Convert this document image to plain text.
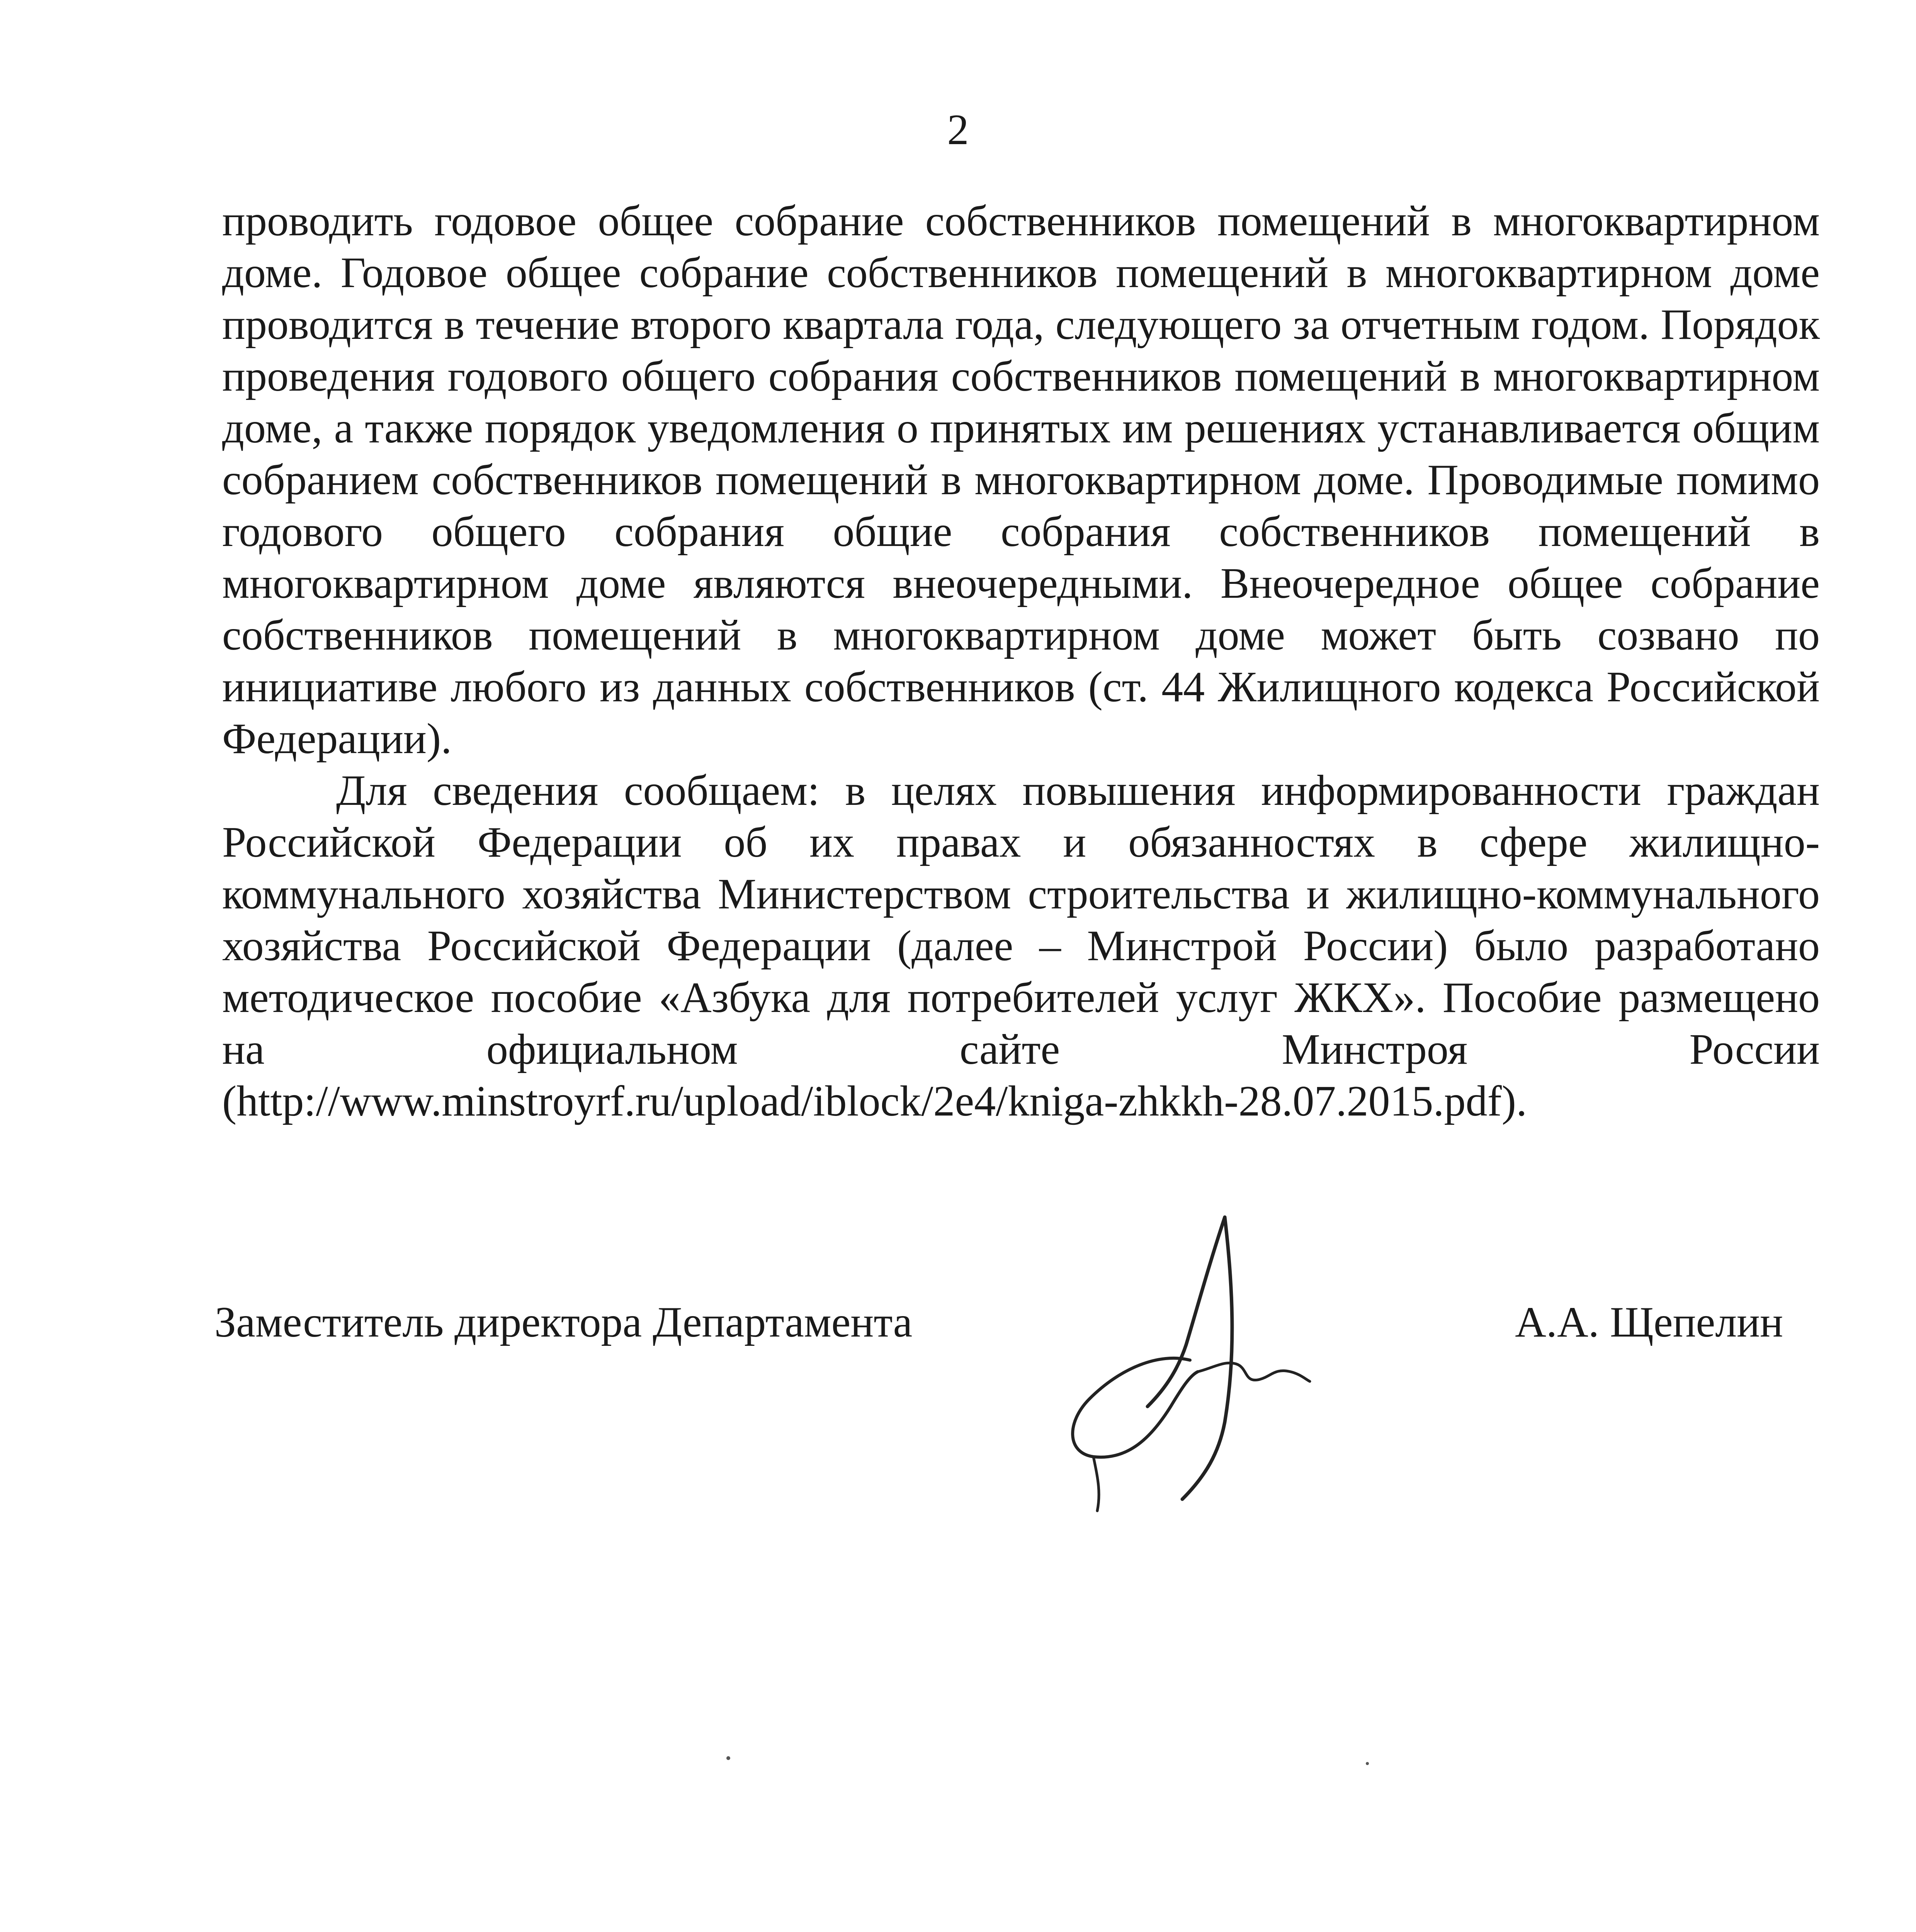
2

проводить годовое общее собрание собственников помещений в многоквартирном доме. Годовое общее собрание собственников помещений в многоквартирном доме проводится в течение второго квартала года, следующего за отчетным годом. Порядок проведения годового общего собрания собственников помещений в многоквартирном доме, а также порядок уведомления о принятых им решениях устанавливается общим собранием собственников помещений в многоквартирном доме. Проводимые помимо годового общего собрания общие собрания собственников помещений в многоквартирном доме являются внеочередными. Внеочередное общее собрание собственников помещений в многоквартирном доме может быть созвано по инициативе любого из данных собственников (ст. 44 Жилищного кодекса Российской Федерации).

Для сведения сообщаем: в целях повышения информированности граждан Российской Федерации об их правах и обязанностях в сфере жилищно-коммунального хозяйства Министерством строительства и жилищно-коммунального хозяйства Российской Федерации (далее – Минстрой России) было разработано методическое пособие «Азбука для потребителей услуг ЖКХ». Пособие размещено на официальном сайте Минстроя России (http://www.minstroyrf.ru/upload/iblock/2e4/kniga-zhkkh-28.07.2015.pdf).

Заместитель директора Департамента	А.А. Щепелин
